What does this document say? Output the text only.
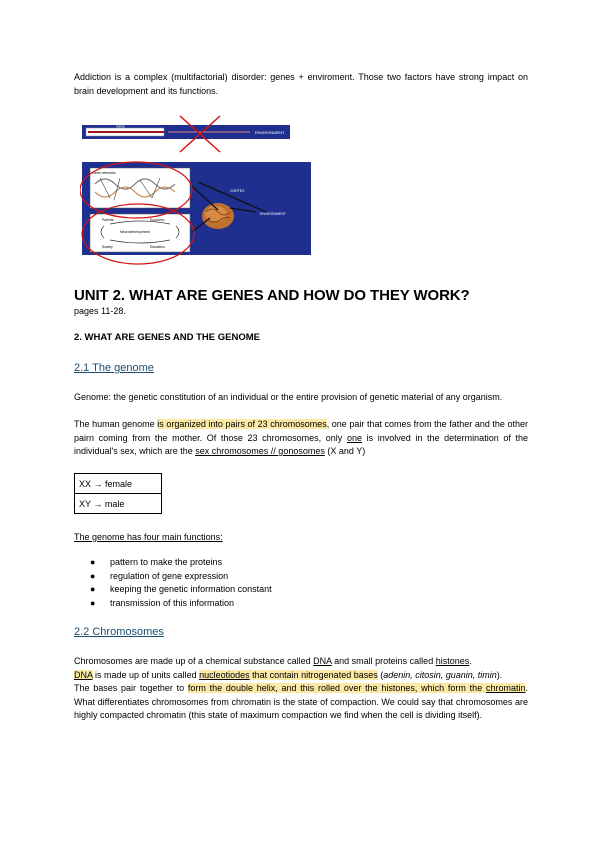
Addiction is a complex (multifactorial) disorder: genes + enviroment. Those two factors have strong impact on brain development and its functions.
Gene
ENVIRONMENT
Gene networks
Parents	Economic
Neurodevelopment
Society	Education
CORTEX
ENVIRONMENT
UNIT 2. WHAT ARE GENES AND HOW DO THEY WORK?
pages 11-28.
2. WHAT ARE GENES AND THE GENOME
2.1 The genome
Genome: the genetic constitution of an individual or the entire provision of genetic material of any organism.
The human genome is organized into pairs of 23 chromosomes, one pair that comes from the father and the other pairn coming from the mother. Of those 23 chromosomes, only one is involved in the determination of the individual's sex, which are the sex chromosomes // gonosomes (X and Y)
XX → female
XY → male
The genome has four main functions:
● pattern to make the proteins
● regulation of gene expression
● keeping the genetic information constant
● transmission of this information
2.2 Chromosomes
Chromosomes are made up of a chemical substance called DNA and small proteins called histones.
DNA is made up of units called nucleotiodes that contain nitrogenated bases (adenin, citosin, guanin, timin).
The bases pair together to form the double helix, and this rolled over the histones, which form the chromatin. What differentiates chromosomes from chromatin is the state of compaction. We could say that chromosomes are highly compacted chromatin (this state of maximum compaction we find when the cell is dividing itself).
